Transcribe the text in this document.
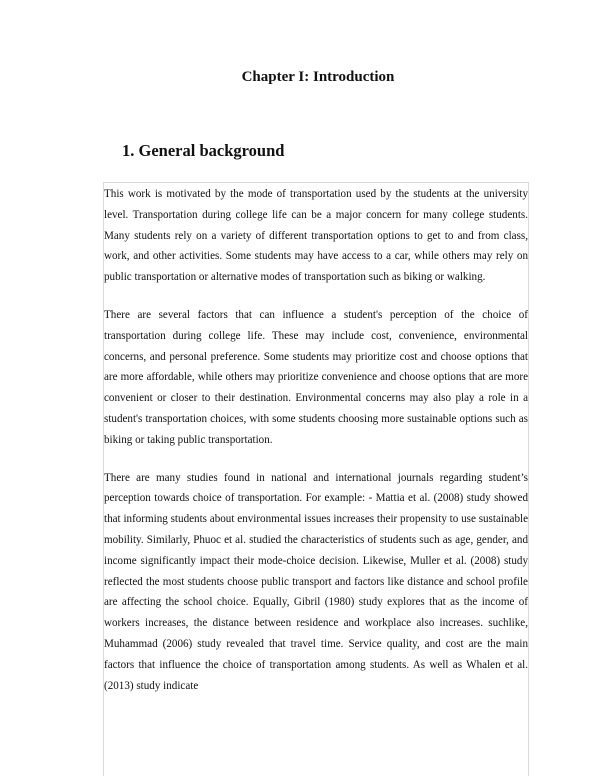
Chapter I: Introduction
1. General background

This work is motivated by the mode of transportation used by the students at the university level. Transportation during college life can be a major concern for many college students. Many students rely on a variety of different transportation options to get to and from class, work, and other activities. Some students may have access to a car, while others may rely on public transportation or alternative modes of transportation such as biking or walking.

There are several factors that can influence a student's perception of the choice of transportation during college life. These may include cost, convenience, environmental concerns, and personal preference. Some students may prioritize cost and choose options that are more affordable, while others may prioritize convenience and choose options that are more convenient or closer to their destination. Environmental concerns may also play a role in a student's transportation choices, with some students choosing more sustainable options such as biking or taking public transportation.

There are many studies found in national and international journals regarding student’s perception towards choice of transportation. For example: - Mattia et al. (2008) study showed that informing students about environmental issues increases their propensity to use sustainable mobility. Similarly, Phuoc et al. studied the characteristics of students such as age, gender, and income significantly impact their mode-choice decision. Likewise, Muller et al. (2008) study reflected the most students choose public transport and factors like distance and school profile are affecting the school choice. Equally, Gibril (1980) study explores that as the income of workers increases, the distance between residence and workplace also increases. suchlike, Muhammad (2006) study revealed that travel time. Service quality, and cost are the main factors that influence the choice of transportation among students. As well as Whalen et al. (2013) study indicate
